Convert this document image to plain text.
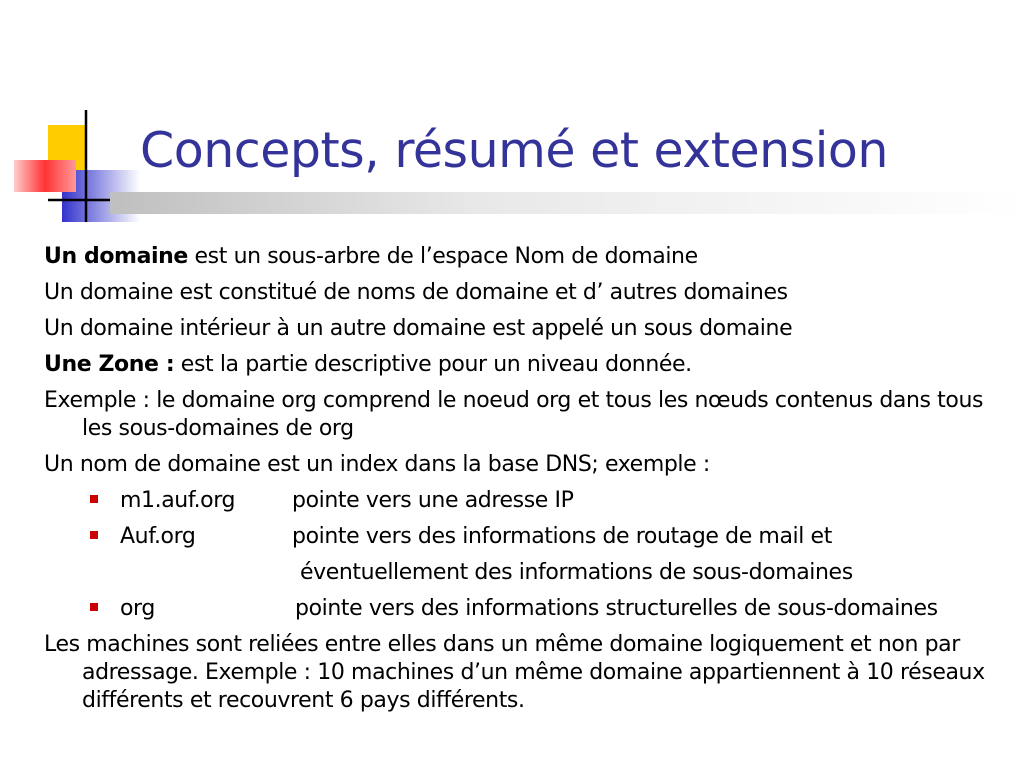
Concepts, résumé et extension
Un domaine est un sous-arbre de l’espace Nom de domaine
Un domaine est constitué de noms de domaine et d’ autres domaines
Un domaine intérieur à un autre domaine est appelé un sous domaine
Une Zone : est la partie descriptive pour un niveau donnée.
Exemple : le domaine org comprend le noeud org et tous les nœuds contenus dans tous les sous-domaines de org
Un nom de domaine est un index dans la base DNS; exemple :
m1.auf.org	pointe vers une adresse IP
Auf.org	pointe vers des informations de routage de mail et
éventuellement des informations de sous-domaines
org	pointe vers des informations structurelles de sous-domaines
Les machines sont reliées entre elles dans un même domaine logiquement et non par adressage. Exemple : 10 machines d’un même domaine appartiennent à 10 réseaux différents et recouvrent 6 pays différents.
